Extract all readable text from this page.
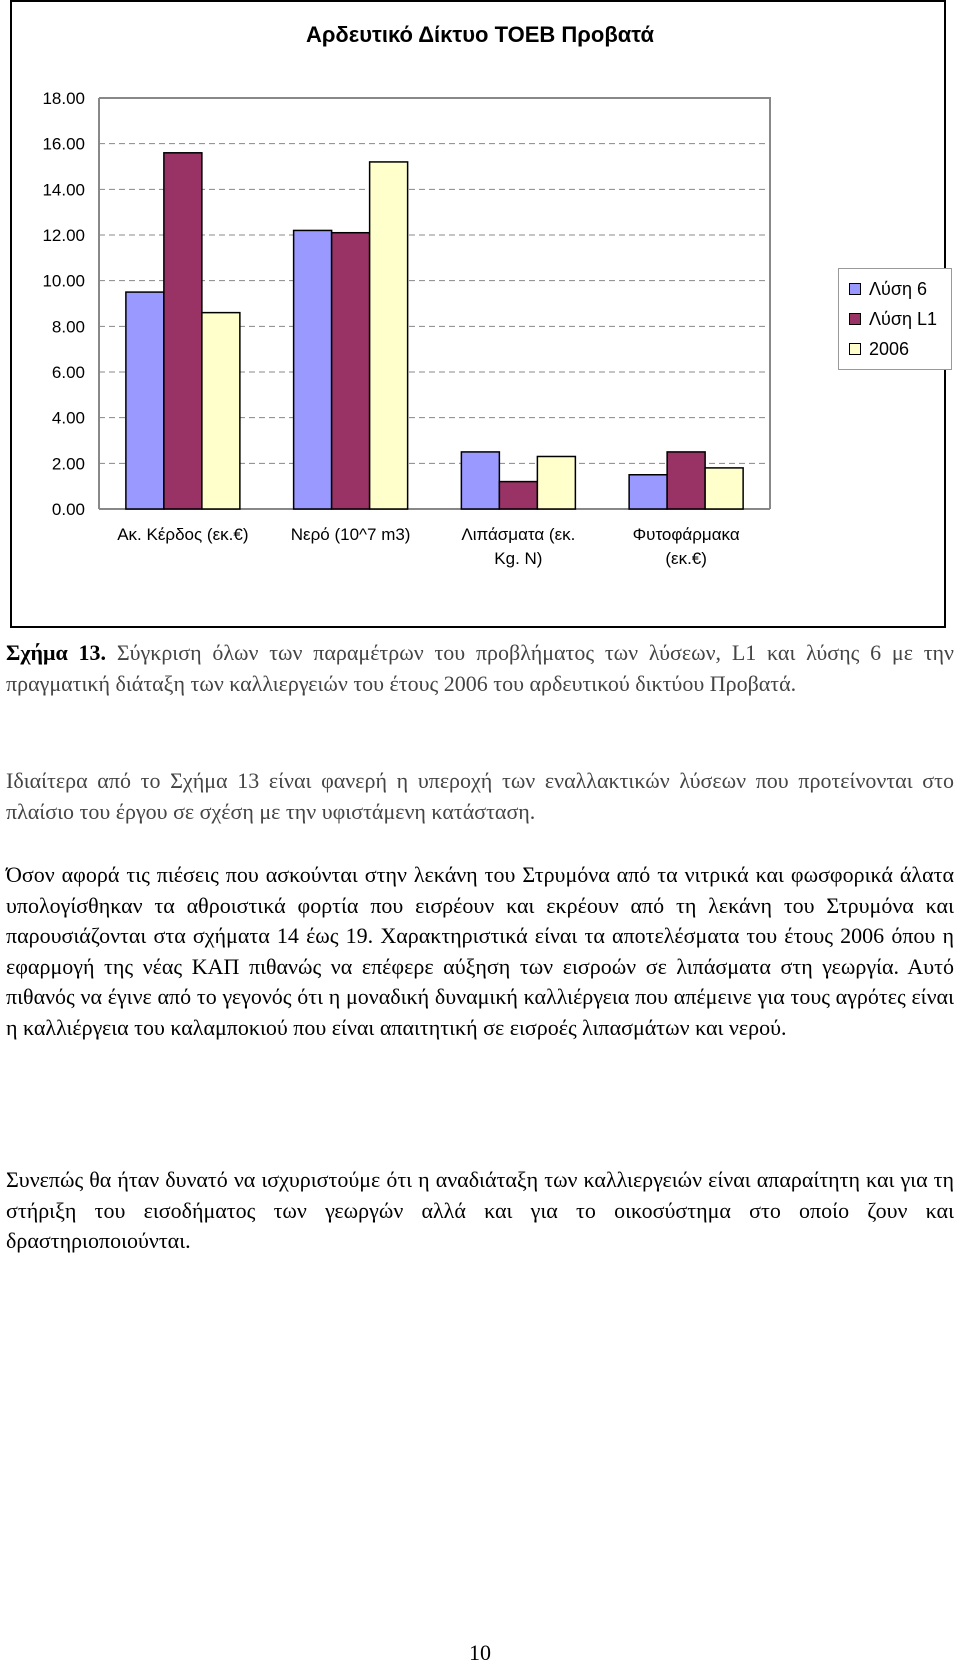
Αρδευτικό Δίκτυο ΤΟΕΒ Προβατά
0.00
2.00
4.00
6.00
8.00
10.00
12.00
14.00
16.00
18.00
Ακ. Κέρδος (εκ.€) Νερό (10^7 m3)	Λιπάσματα (εκ.
Kg. N)
Φυτοφάρμακα
(εκ.€)
Λύση 6
Λύση L1
2006
Σχήμα 13. Σύγκριση όλων των παραμέτρων του προβλήματος των λύσεων, L1 και λύσης 6 με την πραγματική διάταξη των καλλιεργειών του έτους 2006 του αρδευτικού δικτύου Προβατά.
Ιδιαίτερα από το Σχήμα 13 είναι φανερή η υπεροχή των εναλλακτικών λύσεων που προτείνονται στο πλαίσιο του έργου σε σχέση με την υφιστάμενη κατάσταση.

Όσον αφορά τις πιέσεις που ασκούνται στην λεκάνη του Στρυμόνα από τα νιτρικά και φωσφορικά άλατα υπολογίσθηκαν τα αθροιστικά φορτία που εισρέουν και εκρέουν από τη λεκάνη του Στρυμόνα και παρουσιάζονται στα σχήματα 14 έως 19. Χαρακτηριστικά είναι τα αποτελέσματα του έτους 2006 όπου η εφαρμογή της νέας ΚΑΠ πιθανώς να επέφερε αύξηση των εισροών σε λιπάσματα στη γεωργία. Αυτό πιθανός να έγινε από το γεγονός ότι η μοναδική δυναμική καλλιέργεια που απέμεινε για τους αγρότες είναι η καλλιέργεια του καλαμποκιού που είναι απαιτητική σε εισροές λιπασμάτων και νερού.

Συνεπώς θα ήταν δυνατό να ισχυριστούμε ότι η αναδιάταξη των καλλιεργειών είναι απαραίτητη και για τη στήριξη του εισοδήματος των γεωργών αλλά και για το οικοσύστημα στο οποίο ζουν και δραστηριοποιούνται.
10
